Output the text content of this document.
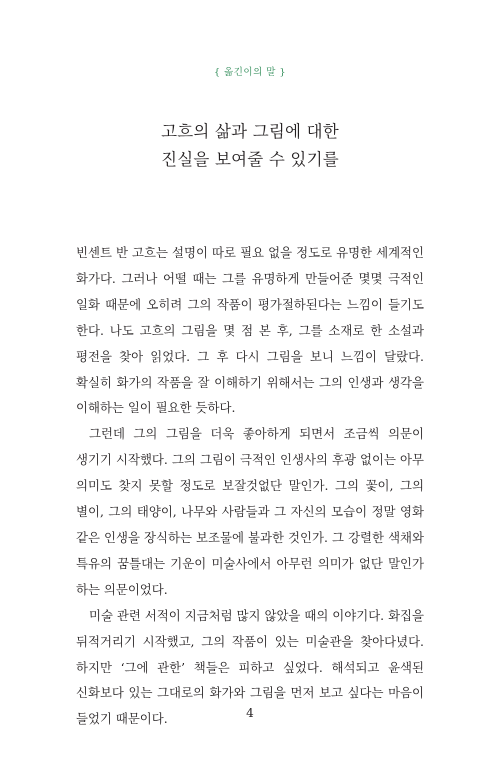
{ 옮긴이의 말 }
고흐의 삶과 그림에 대한
진실을 보여줄 수 있기를

빈센트 반 고흐는 설명이 따로 필요 없을 정도로 유명한 세계적인 화가다. 그러나 어떨 때는 그를 유명하게 만들어준 몇몇 극적인 일화 때문에 오히려 그의 작품이 평가절하된다는 느낌이 들기도 한다. 나도 고흐의 그림을 몇 점 본 후, 그를 소재로 한 소설과 평전을 찾아 읽었다. 그 후 다시 그림을 보니 느낌이 달랐다. 확실히 화가의 작품을 잘 이해하기 위해서는 그의 인생과 생각을 이해하는 일이 필요한 듯하다.

그런데 그의 그림을 더욱 좋아하게 되면서 조금씩 의문이 생기기 시작했다. 그의 그림이 극적인 인생사의 후광 없이는 아무 의미도 찾지 못할 정도로 보잘것없단 말인가. 그의 꽃이, 그의 별이, 그의 태양이, 나무와 사람들과 그 자신의 모습이 정말 영화 같은 인생을 장식하는 보조물에 불과한 것인가. 그 강렬한 색채와 특유의 꿈틀대는 기운이 미술사에서 아무런 의미가 없단 말인가 하는 의문이었다.

미술 관련 서적이 지금처럼 많지 않았을 때의 이야기다. 화집을 뒤적거리기 시작했고, 그의 작품이 있는 미술관을 찾아다녔다. 하지만 ‘그에 관한’ 책들은 피하고 싶었다. 해석되고 윤색된 신화보다 있는 그대로의 화가와 그림을 먼저 보고 싶다는 마음이 들었기 때문이다.	4
